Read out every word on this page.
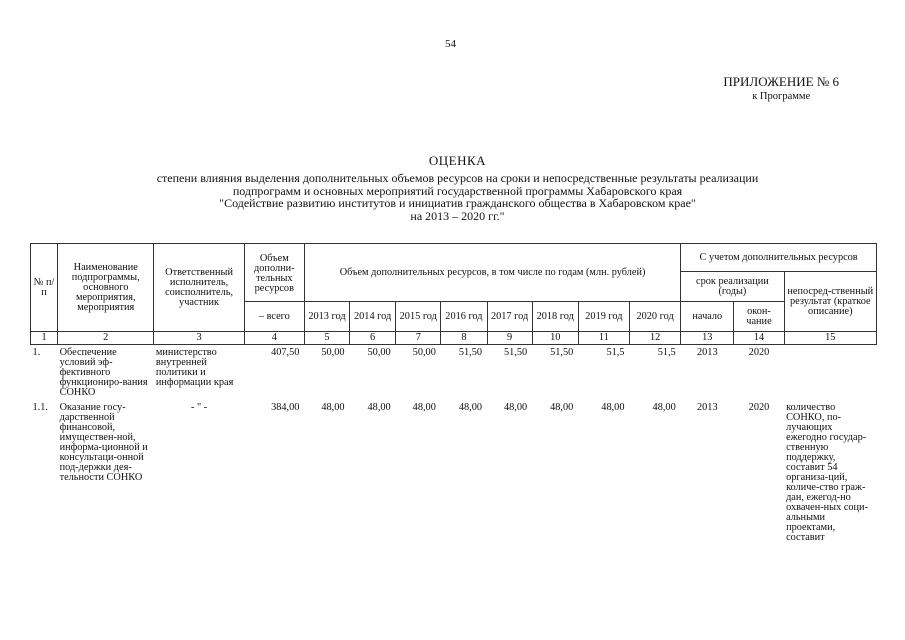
54
ПРИЛОЖЕНИЕ № 6
к Программе
ОЦЕНКА
степени влияния выделения дополнительных объемов ресурсов на сроки и непосредственные результаты реализации
подпрограмм и основных мероприятий государственной программы Хабаровского края
"Содействие развитию институтов и инициатив гражданского общества в Хабаровском крае"
на 2013 – 2020 гг."
№ п/п	Наименование подпрограммы, основного мероприятия, мероприятия	Ответственный исполнитель, соисполнитель, участник	Объем дополни-тельных ресурсов	Объем дополнительных ресурсов, в том числе по годам (млн. рублей)								С учетом дополнительных ресурсов		
												срок реализации (годы)		непосред-ственный результат (краткое описание)
			– всего	2013 год	2014 год	2015 год	2016 год	2017 год	2018 год	2019 год	2020 год	начало	окон-чание	
1	2	3	4	5	6	7	8	9	10	11	12	13	14	15
1.	Обеспечение условий эф-фективного функциониро-вания СОНКО	министерство внутренней политики и информации края	407,50	50,00	50,00	50,00	51,50	51,50	51,50	51,5	51,5	2013	2020	
1.1.	Оказание госу-дарственной финансовой, имуществен-ной, информа-ционной и консультаци-онной под-держки дея-тельности СОНКО	- " -	384,00	48,00	48,00	48,00	48,00	48,00	48,00	48,00	48,00	2013	2020	количество СОНКО, по-лучающих ежегодно государ-ственную поддержку, составит 54 организа-ций, количе-ство граж-дан, ежегод-но охвачен-ных соци-альными проектами, составит
